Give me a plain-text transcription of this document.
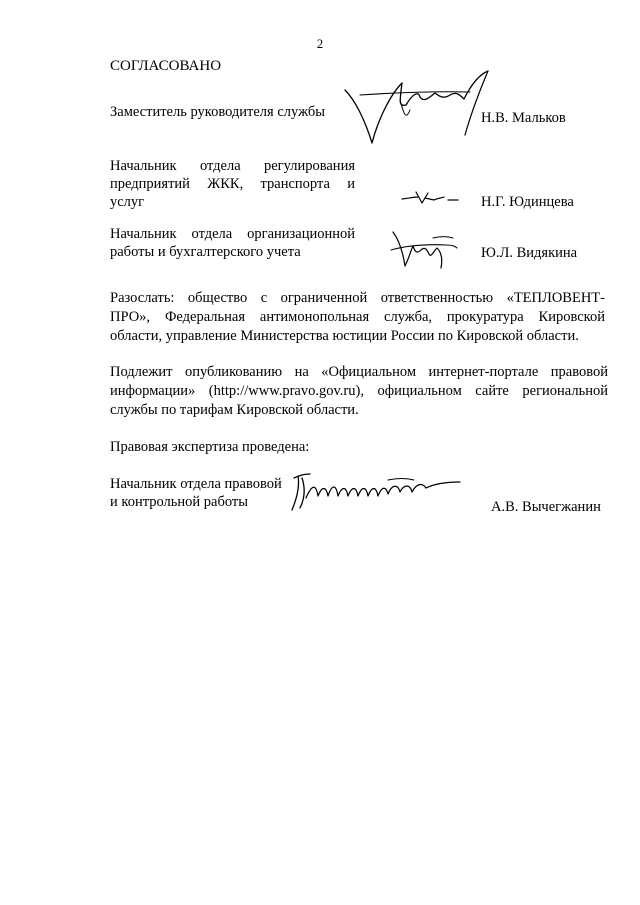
2

СОГЛАСОВАНО

Заместитель руководителя службы	Н.В. Мальков

Начальник отдела регулирования

предприятий ЖКК, транспорта и

услуг	Н.Г. Юдинцева

Начальник отдела организационной

работы и бухгалтерского учета	Ю.Л. Видякина

Разослать: общество с ограниченной ответственностью «ТЕПЛОВЕНТ-

ПРО», Федеральная антимонопольная служба, прокуратура Кировской

области, управление Министерства юстиции России по Кировской области.

Подлежит опубликованию на «Официальном интернет-портале правовой

информации» (http://www.pravo.gov.ru), официальном сайте региональной

службы по тарифам Кировской области.

Правовая экспертиза проведена:

Начальник отдела правовой

и контрольной работы	А.В. Вычегжанин
